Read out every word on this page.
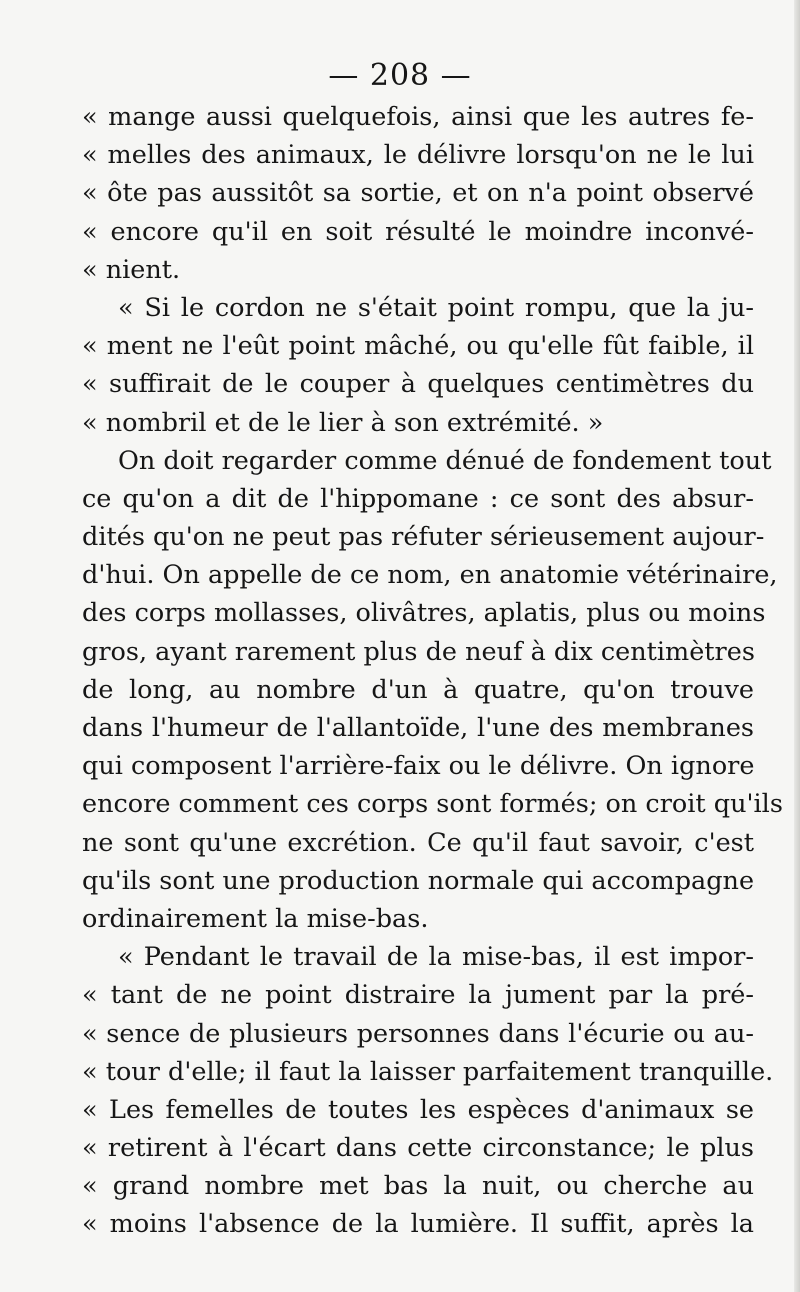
— 208 —
« mange aussi quelquefois, ainsi que les autres fe-
« melles des animaux, le délivre lorsqu'on ne le lui
« ôte pas aussitôt sa sortie, et on n'a point observé
« encore qu'il en soit résulté le moindre inconvé-
« nient.
« Si le cordon ne s'était point rompu, que la ju-
« ment ne l'eût point mâché, ou qu'elle fût faible, il
« suffirait de le couper à quelques centimètres du
« nombril et de le lier à son extrémité. »
On doit regarder comme dénué de fondement tout
ce qu'on a dit de l'hippomane : ce sont des absur-
dités qu'on ne peut pas réfuter sérieusement aujour-
d'hui. On appelle de ce nom, en anatomie vétérinaire,
des corps mollasses, olivâtres, aplatis, plus ou moins
gros, ayant rarement plus de neuf à dix centimètres
de long, au nombre d'un à quatre, qu'on trouve
dans l'humeur de l'allantoïde, l'une des membranes
qui composent l'arrière-faix ou le délivre. On ignore
encore comment ces corps sont formés; on croit qu'ils
ne sont qu'une excrétion. Ce qu'il faut savoir, c'est
qu'ils sont une production normale qui accompagne
ordinairement la mise-bas.
« Pendant le travail de la mise-bas, il est impor-
« tant de ne point distraire la jument par la pré-
« sence de plusieurs personnes dans l'écurie ou au-
« tour d'elle; il faut la laisser parfaitement tranquille.
« Les femelles de toutes les espèces d'animaux se
« retirent à l'écart dans cette circonstance; le plus
« grand nombre met bas la nuit, ou cherche au
« moins l'absence de la lumière. Il suffit, après la
